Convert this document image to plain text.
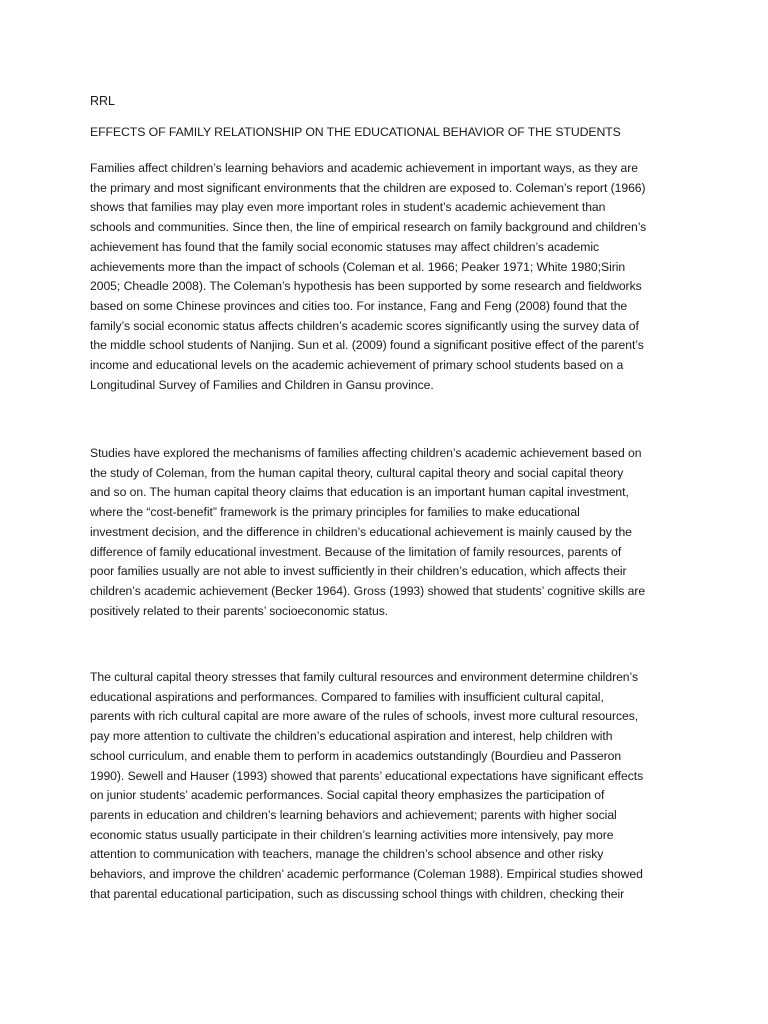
RRL

EFFECTS OF FAMILY RELATIONSHIP ON THE EDUCATIONAL BEHAVIOR OF THE STUDENTS
Families affect children’s learning behaviors and academic achievement in important ways, as they are
the primary and most significant environments that the children are exposed to. Coleman’s report (1966)
shows that families may play even more important roles in student’s academic achievement than
schools and communities. Since then, the line of empirical research on family background and children’s
achievement has found that the family social economic statuses may affect children’s academic
achievements more than the impact of schools (Coleman et al. 1966; Peaker 1971; White 1980;Sirin
2005; Cheadle 2008). The Coleman’s hypothesis has been supported by some research and fieldworks
based on some Chinese provinces and cities too. For instance, Fang and Feng (2008) found that the
family’s social economic status affects children’s academic scores significantly using the survey data of
the middle school students of Nanjing. Sun et al. (2009) found a significant positive effect of the parent’s
income and educational levels on the academic achievement of primary school students based on a
Longitudinal Survey of Families and Children in Gansu province.
Studies have explored the mechanisms of families affecting children’s academic achievement based on
the study of Coleman, from the human capital theory, cultural capital theory and social capital theory
and so on. The human capital theory claims that education is an important human capital investment,
where the “cost-benefit” framework is the primary principles for families to make educational
investment decision, and the difference in children’s educational achievement is mainly caused by the
difference of family educational investment. Because of the limitation of family resources, parents of
poor families usually are not able to invest sufficiently in their children’s education, which affects their
children’s academic achievement (Becker 1964). Gross (1993) showed that students’ cognitive skills are
positively related to their parents’ socioeconomic status.
The cultural capital theory stresses that family cultural resources and environment determine children’s
educational aspirations and performances. Compared to families with insufficient cultural capital,
parents with rich cultural capital are more aware of the rules of schools, invest more cultural resources,
pay more attention to cultivate the children’s educational aspiration and interest, help children with
school curriculum, and enable them to perform in academics outstandingly (Bourdieu and Passeron
1990). Sewell and Hauser (1993) showed that parents’ educational expectations have significant effects
on junior students’ academic performances. Social capital theory emphasizes the participation of
parents in education and children’s learning behaviors and achievement; parents with higher social
economic status usually participate in their children’s learning activities more intensively, pay more
attention to communication with teachers, manage the children’s school absence and other risky
behaviors, and improve the children’ academic performance (Coleman 1988). Empirical studies showed
that parental educational participation, such as discussing school things with children, checking their
